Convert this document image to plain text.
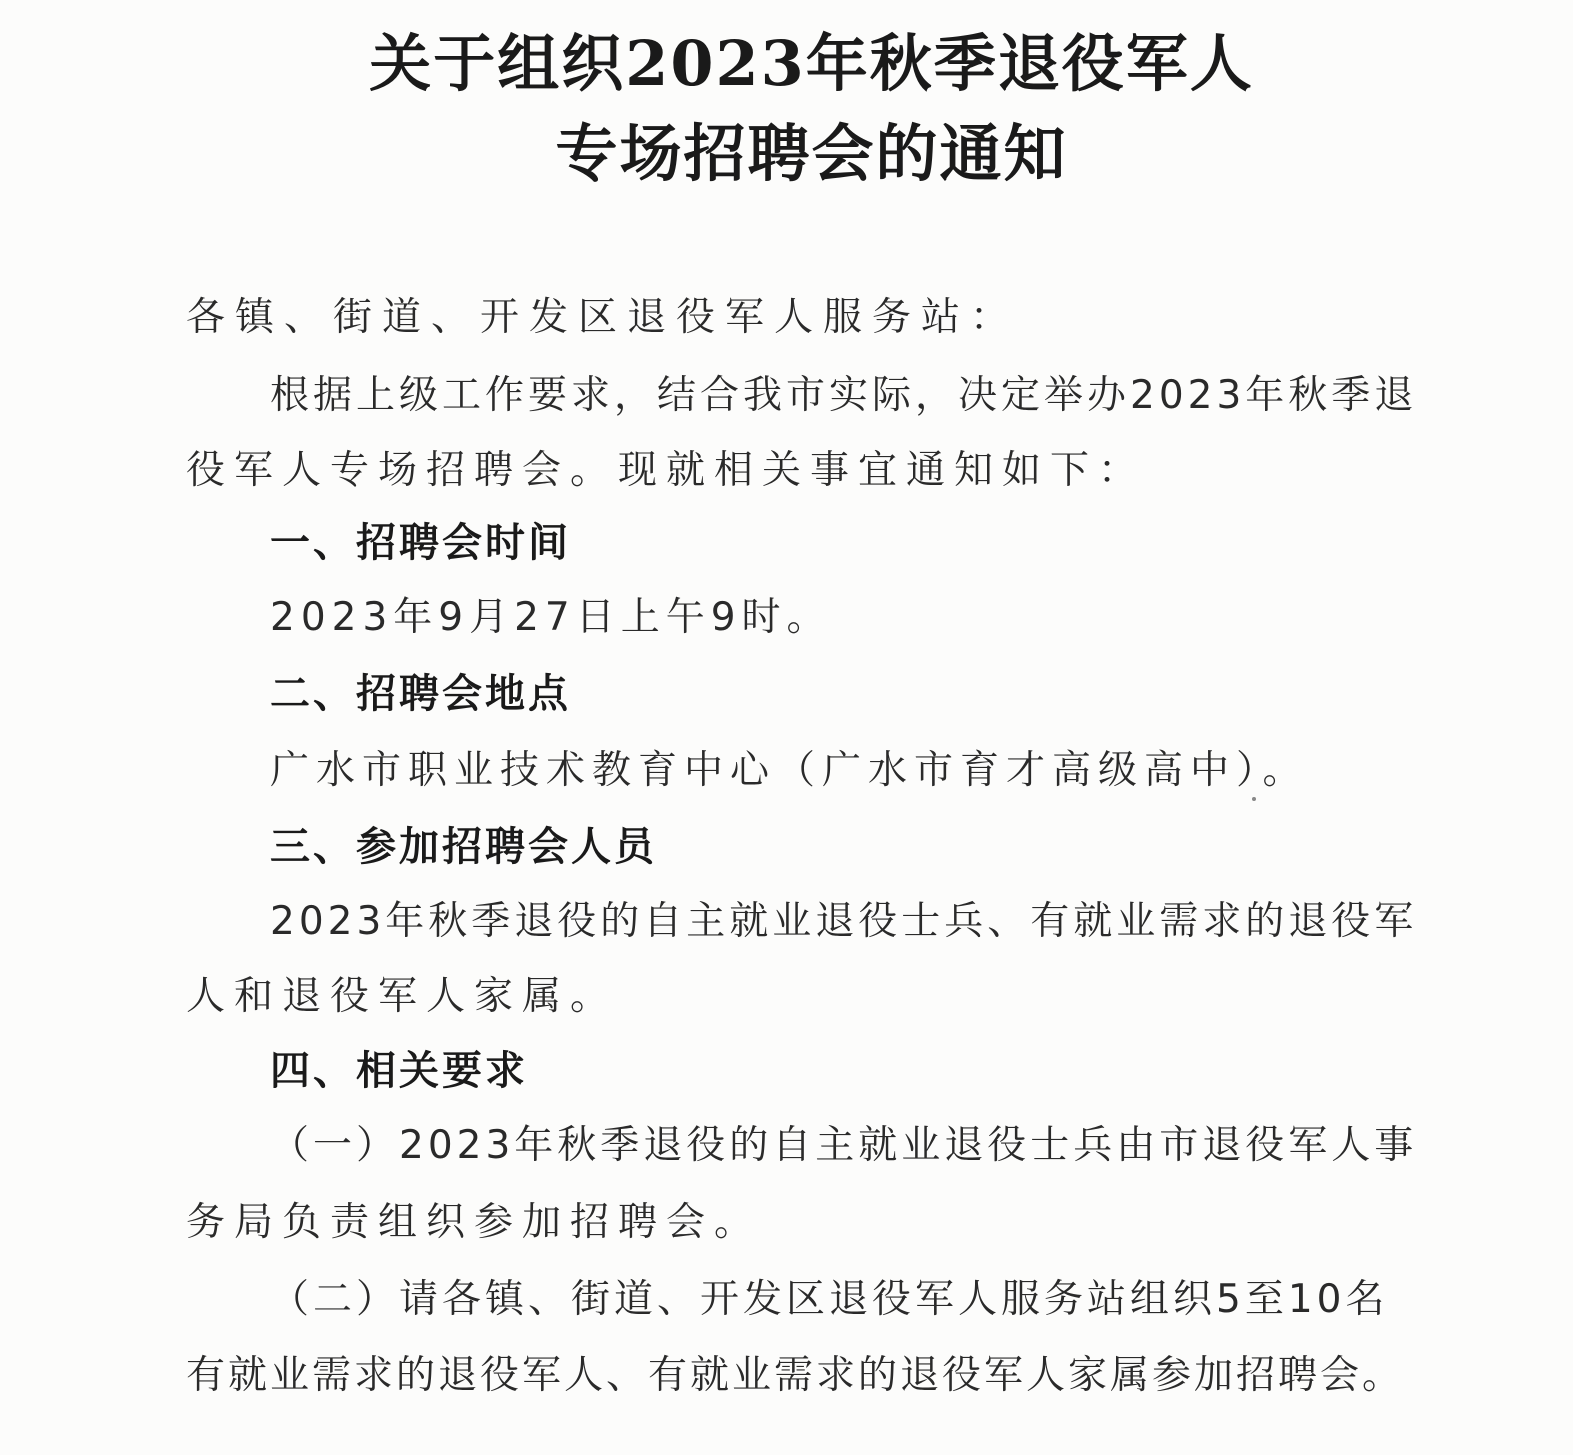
关于组织2023年秋季退役军人
专场招聘会的通知
各镇、街道、开发区退役军人服务站：
根据上级工作要求，结合我市实际，决定举办2023年秋季退
役军人专场招聘会。现就相关事宜通知如下：
一、招聘会时间
2023年9月27日上午9时。
二、招聘会地点
广水市职业技术教育中心（广水市育才高级高中）。
三、参加招聘会人员
2023年秋季退役的自主就业退役士兵、有就业需求的退役军
人和退役军人家属。
四、相关要求
（一）2023年秋季退役的自主就业退役士兵由市退役军人事
务局负责组织参加招聘会。
（二）请各镇、街道、开发区退役军人服务站组织5至10名
有就业需求的退役军人、有就业需求的退役军人家属参加招聘会。
